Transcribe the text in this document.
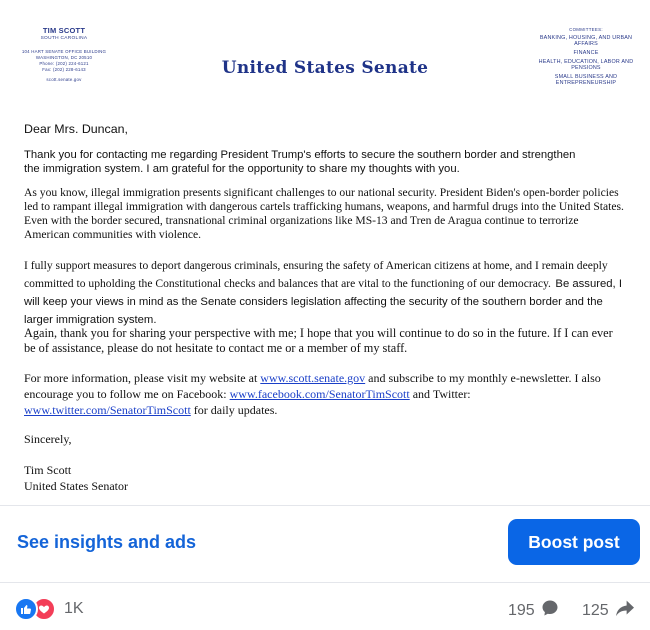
TIM SCOTT
SOUTH CAROLINA
104 HART SENATE OFFICE BUILDING
WASHINGTON, DC 20510
Phone: (202) 224-6121
Fax: (202) 228-6143
scott.senate.gov
United States Senate
COMMITTEES:
BANKING, HOUSING, AND URBAN AFFAIRS
FINANCE
HEALTH, EDUCATION, LABOR AND PENSIONS
SMALL BUSINESS AND ENTREPRENEURSHIP

Dear Mrs. Duncan,

Thank you for contacting me regarding President Trump's efforts to secure the southern border and strengthen the immigration system. I am grateful for the opportunity to share my thoughts with you.

As you know, illegal immigration presents significant challenges to our national security. President Biden's open-border policies led to rampant illegal immigration with dangerous cartels trafficking humans, weapons, and harmful drugs into the United States. Even with the border secured, transnational criminal organizations like MS-13 and Tren de Aragua continue to terrorize American communities with violence.

I fully support measures to deport dangerous criminals, ensuring the safety of American citizens at home, and I remain deeply committed to upholding the Constitutional checks and balances that are vital to the functioning of our democracy. Be assured, I will keep your views in mind as the Senate considers legislation affecting the security of the southern border and the larger immigration system.

Again, thank you for sharing your perspective with me; I hope that you will continue to do so in the future. If I can ever be of assistance, please do not hesitate to contact me or a member of my staff.

For more information, please visit my website at www.scott.senate.gov and subscribe to my monthly e-newsletter. I also encourage you to follow me on Facebook: www.facebook.com/SenatorTimScott and Twitter: www.twitter.com/SenatorTimScott for daily updates.

Sincerely,

Tim Scott

United States Senator

See insights and ads	Boost post
1K	195	125
